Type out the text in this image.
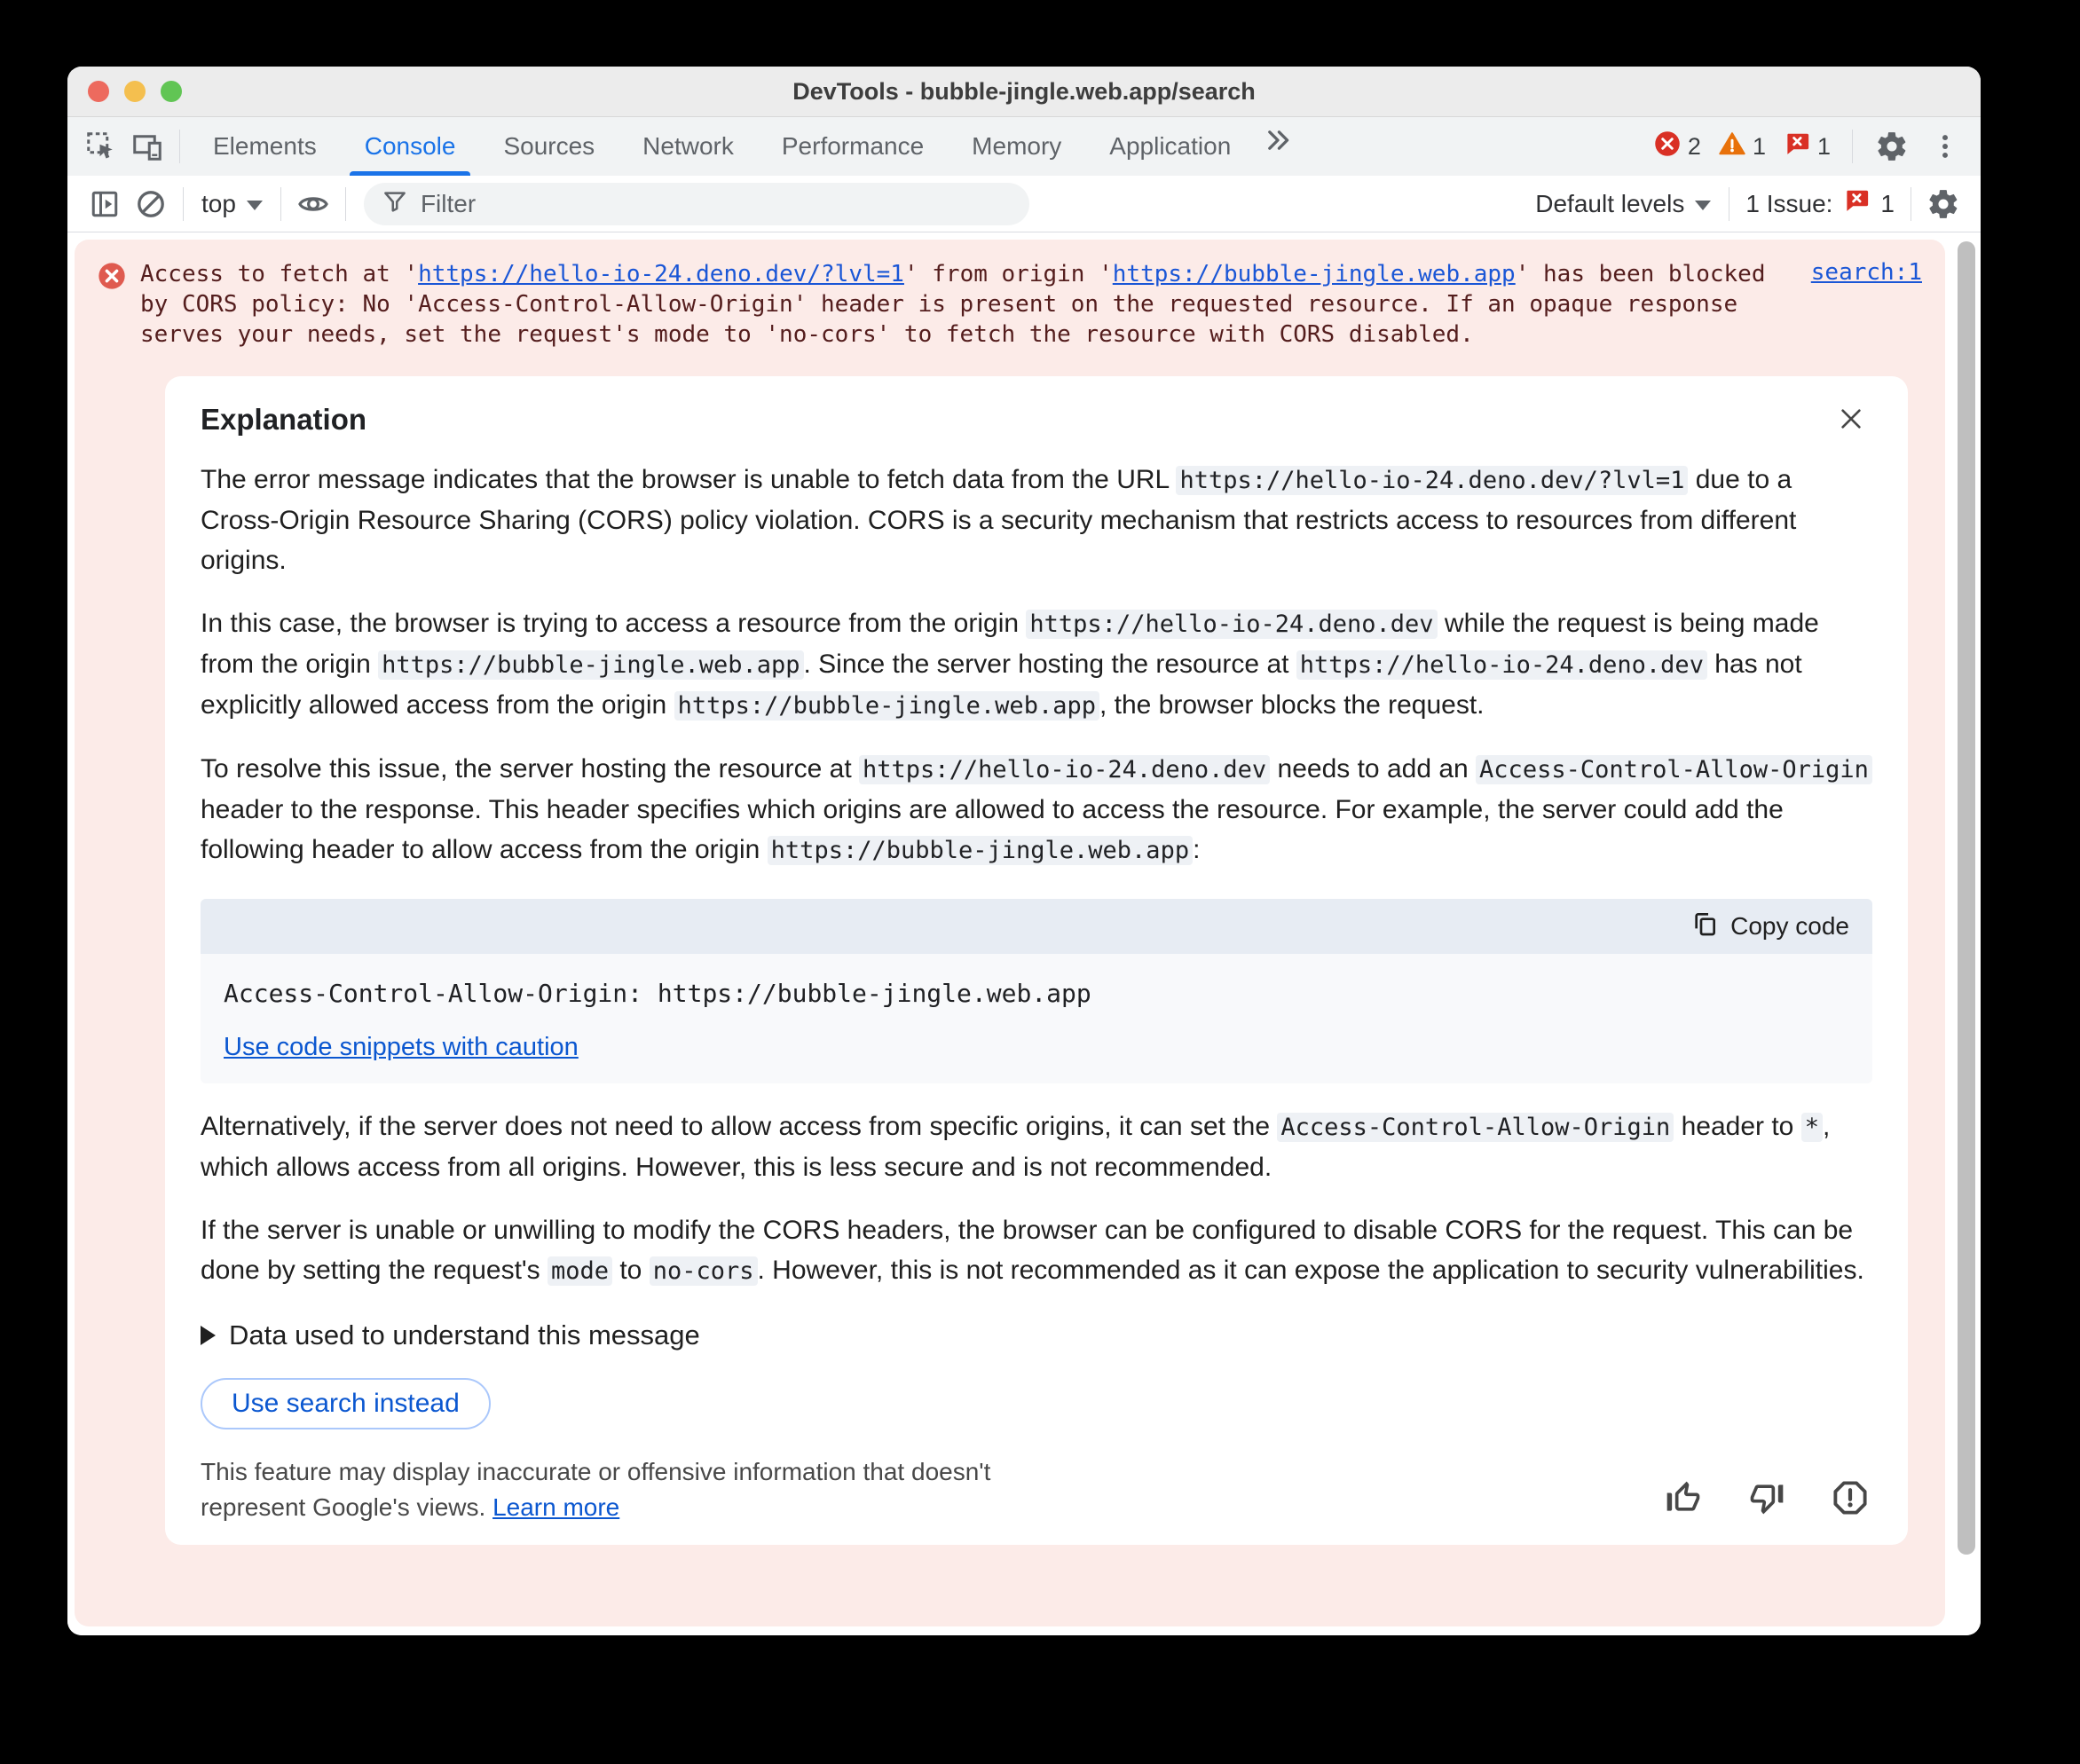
DevTools - bubble-jingle.web.app/search
Elements	Console	Sources	Network	Performance	Memory	Application	2 1 1
top
Filter	Default levels 1 Issue: 1
Access to fetch at 'https://hello-io-24.deno.dev/?lvl=1' from origin 'https://bubble-jingle.web.app' has been blocked by CORS policy: No 'Access-Control-Allow-Origin' header is present on the requested resource. If an opaque response serves your needs, set the request's mode to 'no-cors' to fetch the resource with CORS disabled.
search:1
Explanation
The error message indicates that the browser is unable to fetch data from the URL https://hello-io-24.deno.dev/?lvl=1 due to a Cross-Origin Resource Sharing (CORS) policy violation. CORS is a security mechanism that restricts access to resources from different origins.
In this case, the browser is trying to access a resource from the origin https://hello-io-24.deno.dev while the request is being made from the origin https://bubble-jingle.web.app . Since the server hosting the resource at https://hello-io-24.deno.dev has not explicitly allowed access from the origin https://bubble-jingle.web.app , the browser blocks the request.
To resolve this issue, the server hosting the resource at https://hello-io-24.deno.dev needs to add an Access-Control-Allow-Origin header to the response. This header specifies which origins are allowed to access the resource. For example, the server could add the following header to allow access from the origin https://bubble-jingle.web.app :
Copy code
Access-Control-Allow-Origin: https://bubble-jingle.web.app
Use code snippets with caution
Alternatively, if the server does not need to allow access from specific origins, it can set the Access-Control-Allow-Origin header to * , which allows access from all origins. However, this is less secure and is not recommended.
If the server is unable or unwilling to modify the CORS headers, the browser can be configured to disable CORS for the request. This can be done by setting the request's mode to no-cors . However, this is not recommended as it can expose the application to security vulnerabilities.
Data used to understand this message
Use search instead
This feature may display inaccurate or offensive information that doesn't represent Google's views. Learn more
